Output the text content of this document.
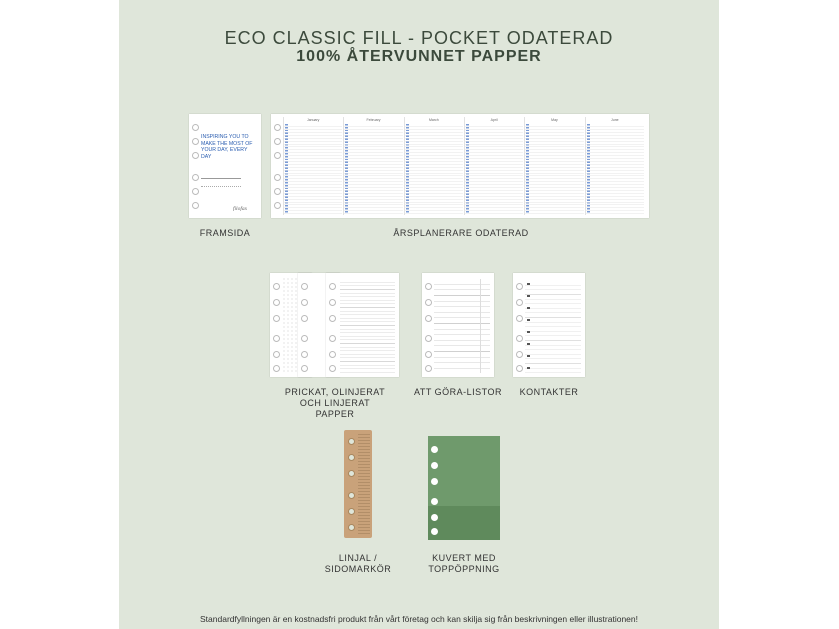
ECO CLASSIC FILL - POCKET ODATERAD
100% ÅTERVUNNET PAPPER
INSPIRING YOU TO MAKE THE MOST OF YOUR DAY, EVERY DAY
filofax
FRAMSIDA
January	February	March	April	May	June
ÅRSPLANERARE ODATERAD
PRICKAT, OLINJERAT OCH LINJERAT PAPPER
ATT GÖRA-LISTOR	KONTAKTER
LINJAL / SIDOMARKÖR
KUVERT MED TOPPÖPPNING
Standardfyllningen är en kostnadsfri produkt från vårt företag och kan skilja sig från beskrivningen eller illustrationen!
